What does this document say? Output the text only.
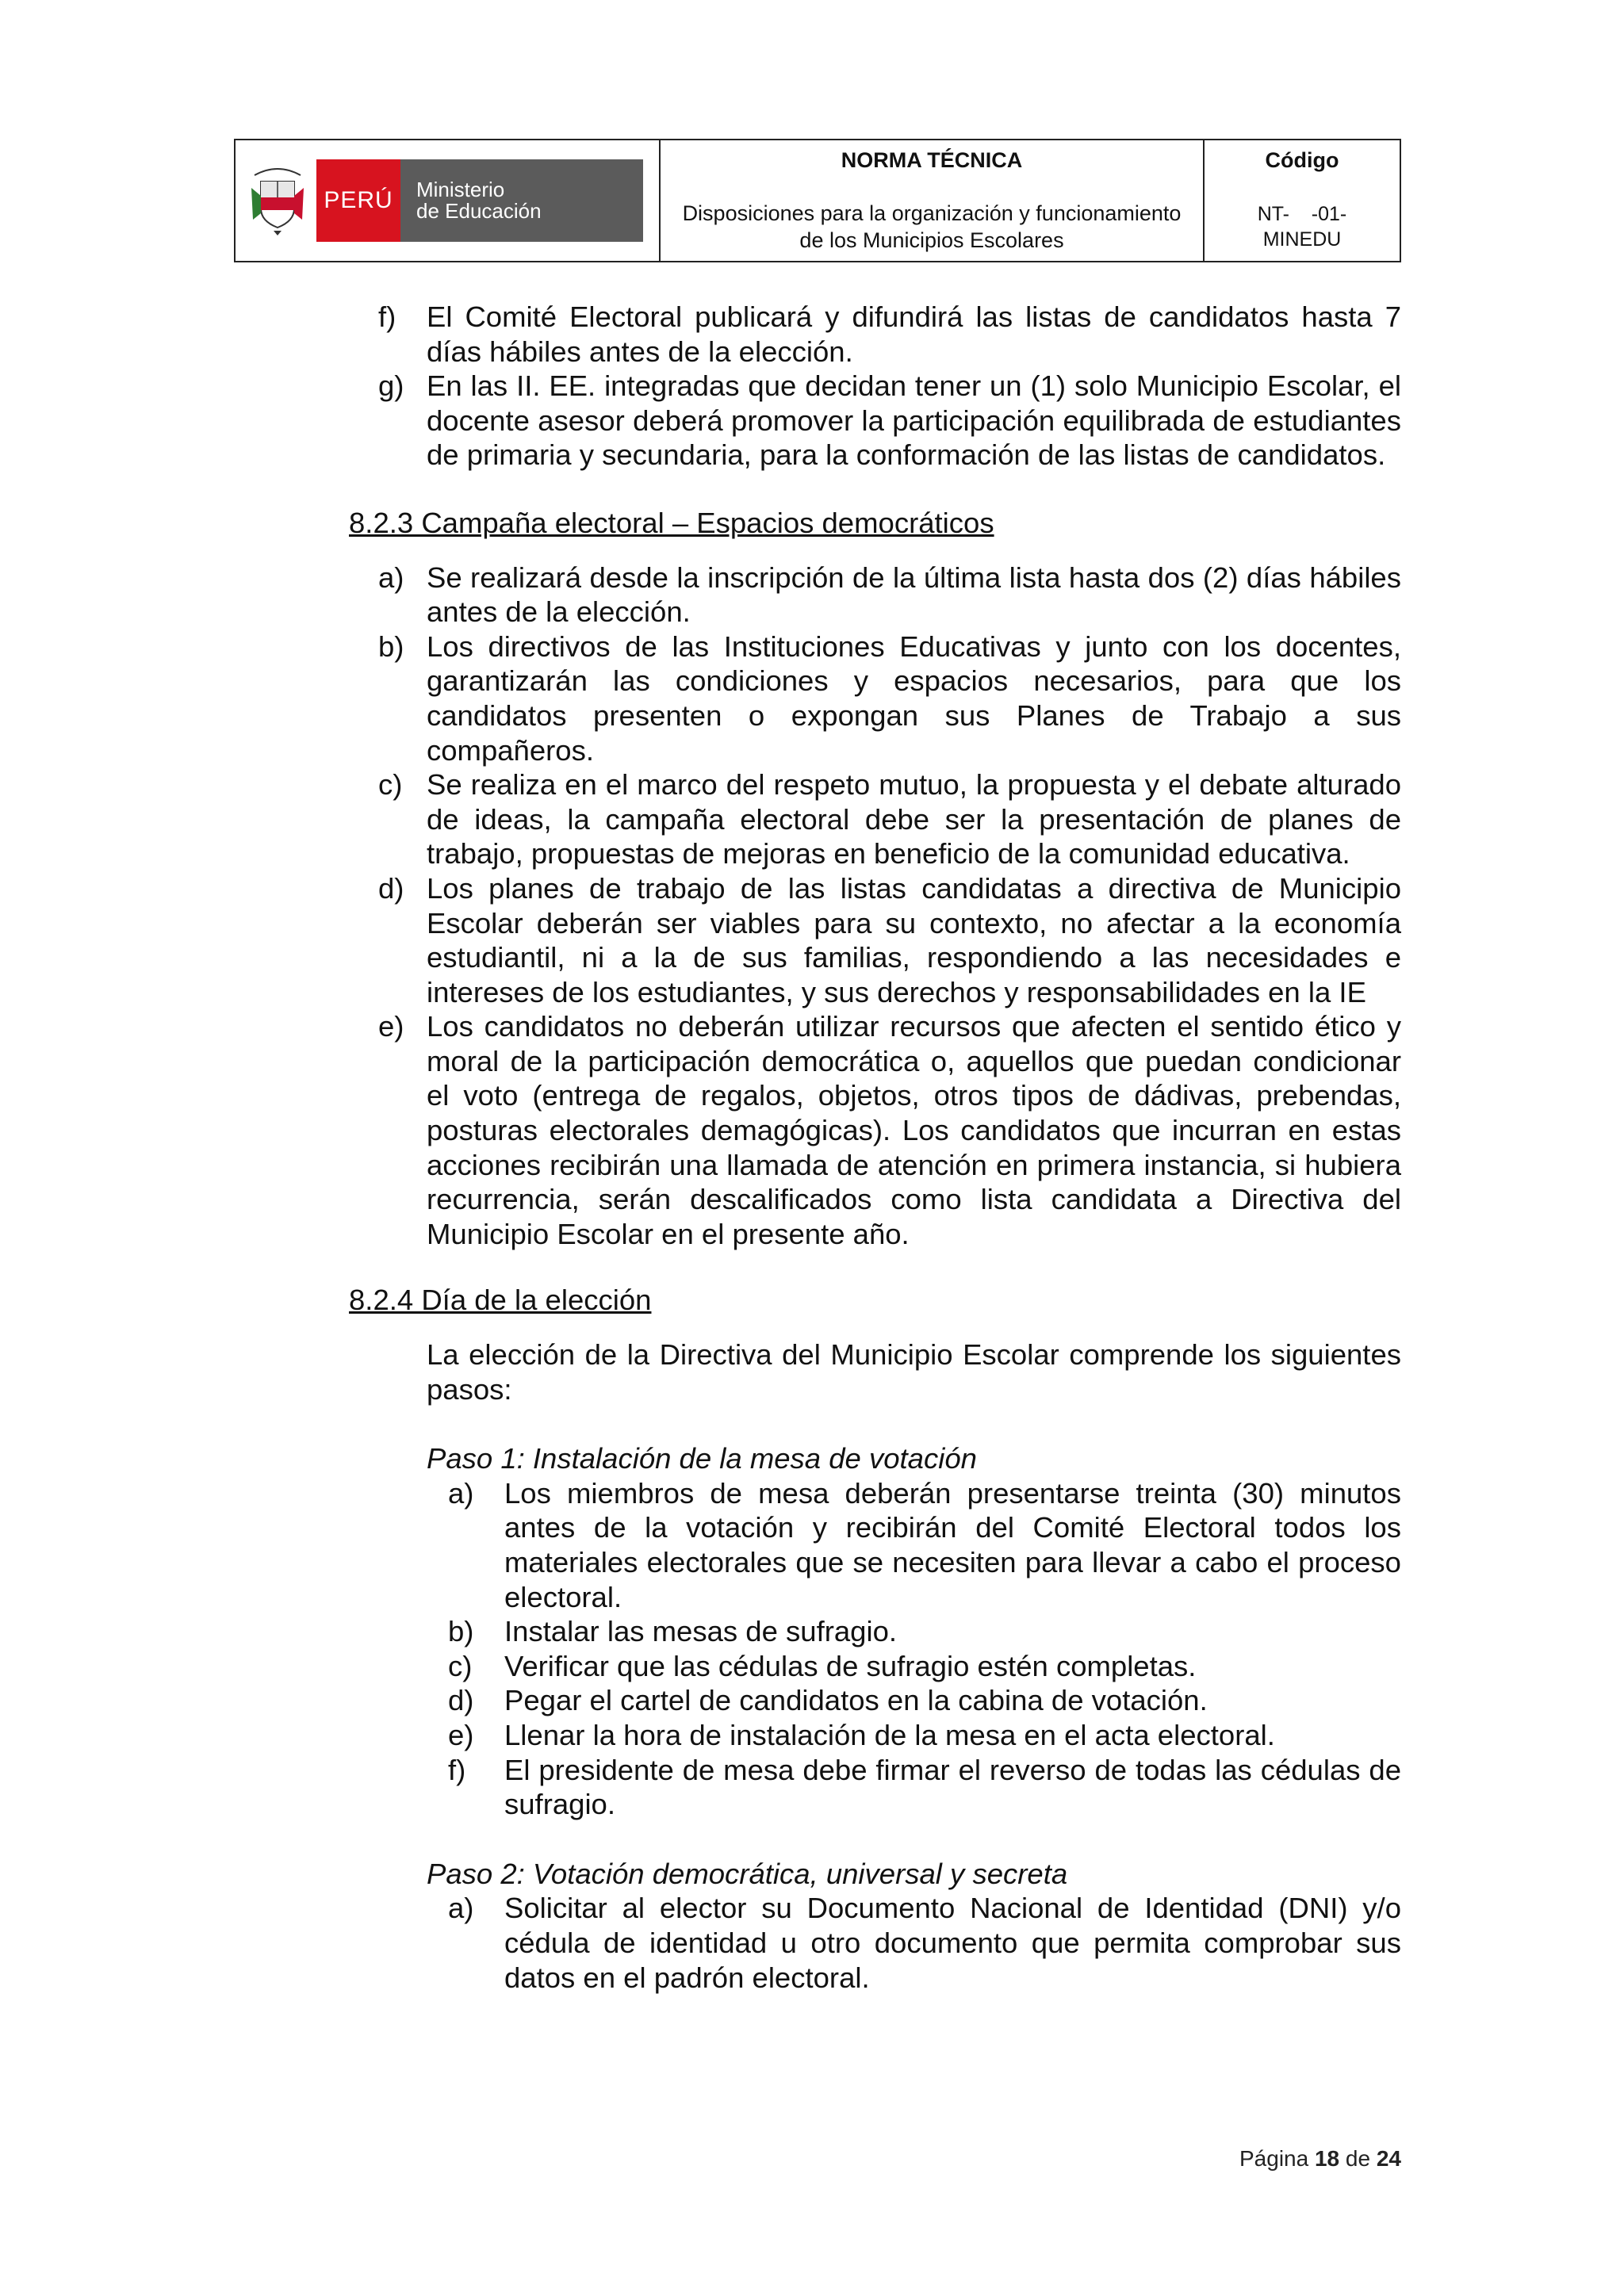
PERÚ Ministerio
de Educación
NORMA TÉCNICA
Disposiciones para la organización y funcionamiento
de los Municipios Escolares
Código
NT-    -01-
MINEDU
f)	El Comité Electoral publicará y difundirá las listas de candidatos hasta 7 días hábiles antes de la elección.
g) En las II. EE. integradas que decidan tener un (1) solo Municipio Escolar, el docente asesor deberá promover la participación equilibrada de estudiantes de primaria y secundaria, para la conformación de las listas de candidatos.
8.2.3 Campaña electoral – Espacios democráticos
a) Se realizará desde la inscripción de la última lista hasta dos (2) días hábiles antes de la elección.
b) Los directivos de las Instituciones Educativas y junto con los docentes, garantizarán las condiciones y espacios necesarios, para que los candidatos presenten o expongan sus Planes de Trabajo a sus compañeros.
c) Se realiza en el marco del respeto mutuo, la propuesta y el debate alturado de ideas, la campaña electoral debe ser la presentación de planes de trabajo, propuestas de mejoras en beneficio de la comunidad educativa.
d) Los planes de trabajo de las listas candidatas a directiva de Municipio Escolar deberán ser viables para su contexto, no afectar a la economía estudiantil, ni a la de sus familias, respondiendo a las necesidades e intereses de los estudiantes, y sus derechos y responsabilidades en la IE
e) Los candidatos no deberán utilizar recursos que afecten el sentido ético y moral de la participación democrática o, aquellos que puedan condicionar el voto (entrega de regalos, objetos, otros tipos de dádivas, prebendas, posturas electorales demagógicas). Los candidatos que incurran en estas acciones recibirán una llamada de atención en primera instancia, si hubiera recurrencia, serán descalificados como lista candidata a Directiva del Municipio Escolar en el presente año.
8.2.4 Día de la elección
La elección de la Directiva del Municipio Escolar comprende los siguientes pasos:
Paso 1: Instalación de la mesa de votación
a)	Los miembros de mesa deberán presentarse treinta (30) minutos antes de la votación y recibirán del Comité Electoral todos los materiales electorales que se necesiten para llevar a cabo el proceso electoral.
b)	Instalar las mesas de sufragio.
c)	Verificar que las cédulas de sufragio estén completas.
d)	Pegar el cartel de candidatos en la cabina de votación.
e)	Llenar la hora de instalación de la mesa en el acta electoral.
f)	El presidente de mesa debe firmar el reverso de todas las cédulas de sufragio.
Paso 2: Votación democrática, universal y secreta
a)	Solicitar al elector su Documento Nacional de Identidad (DNI) y/o cédula de identidad u otro documento que permita comprobar sus datos en el padrón electoral.
Página 18 de 24
